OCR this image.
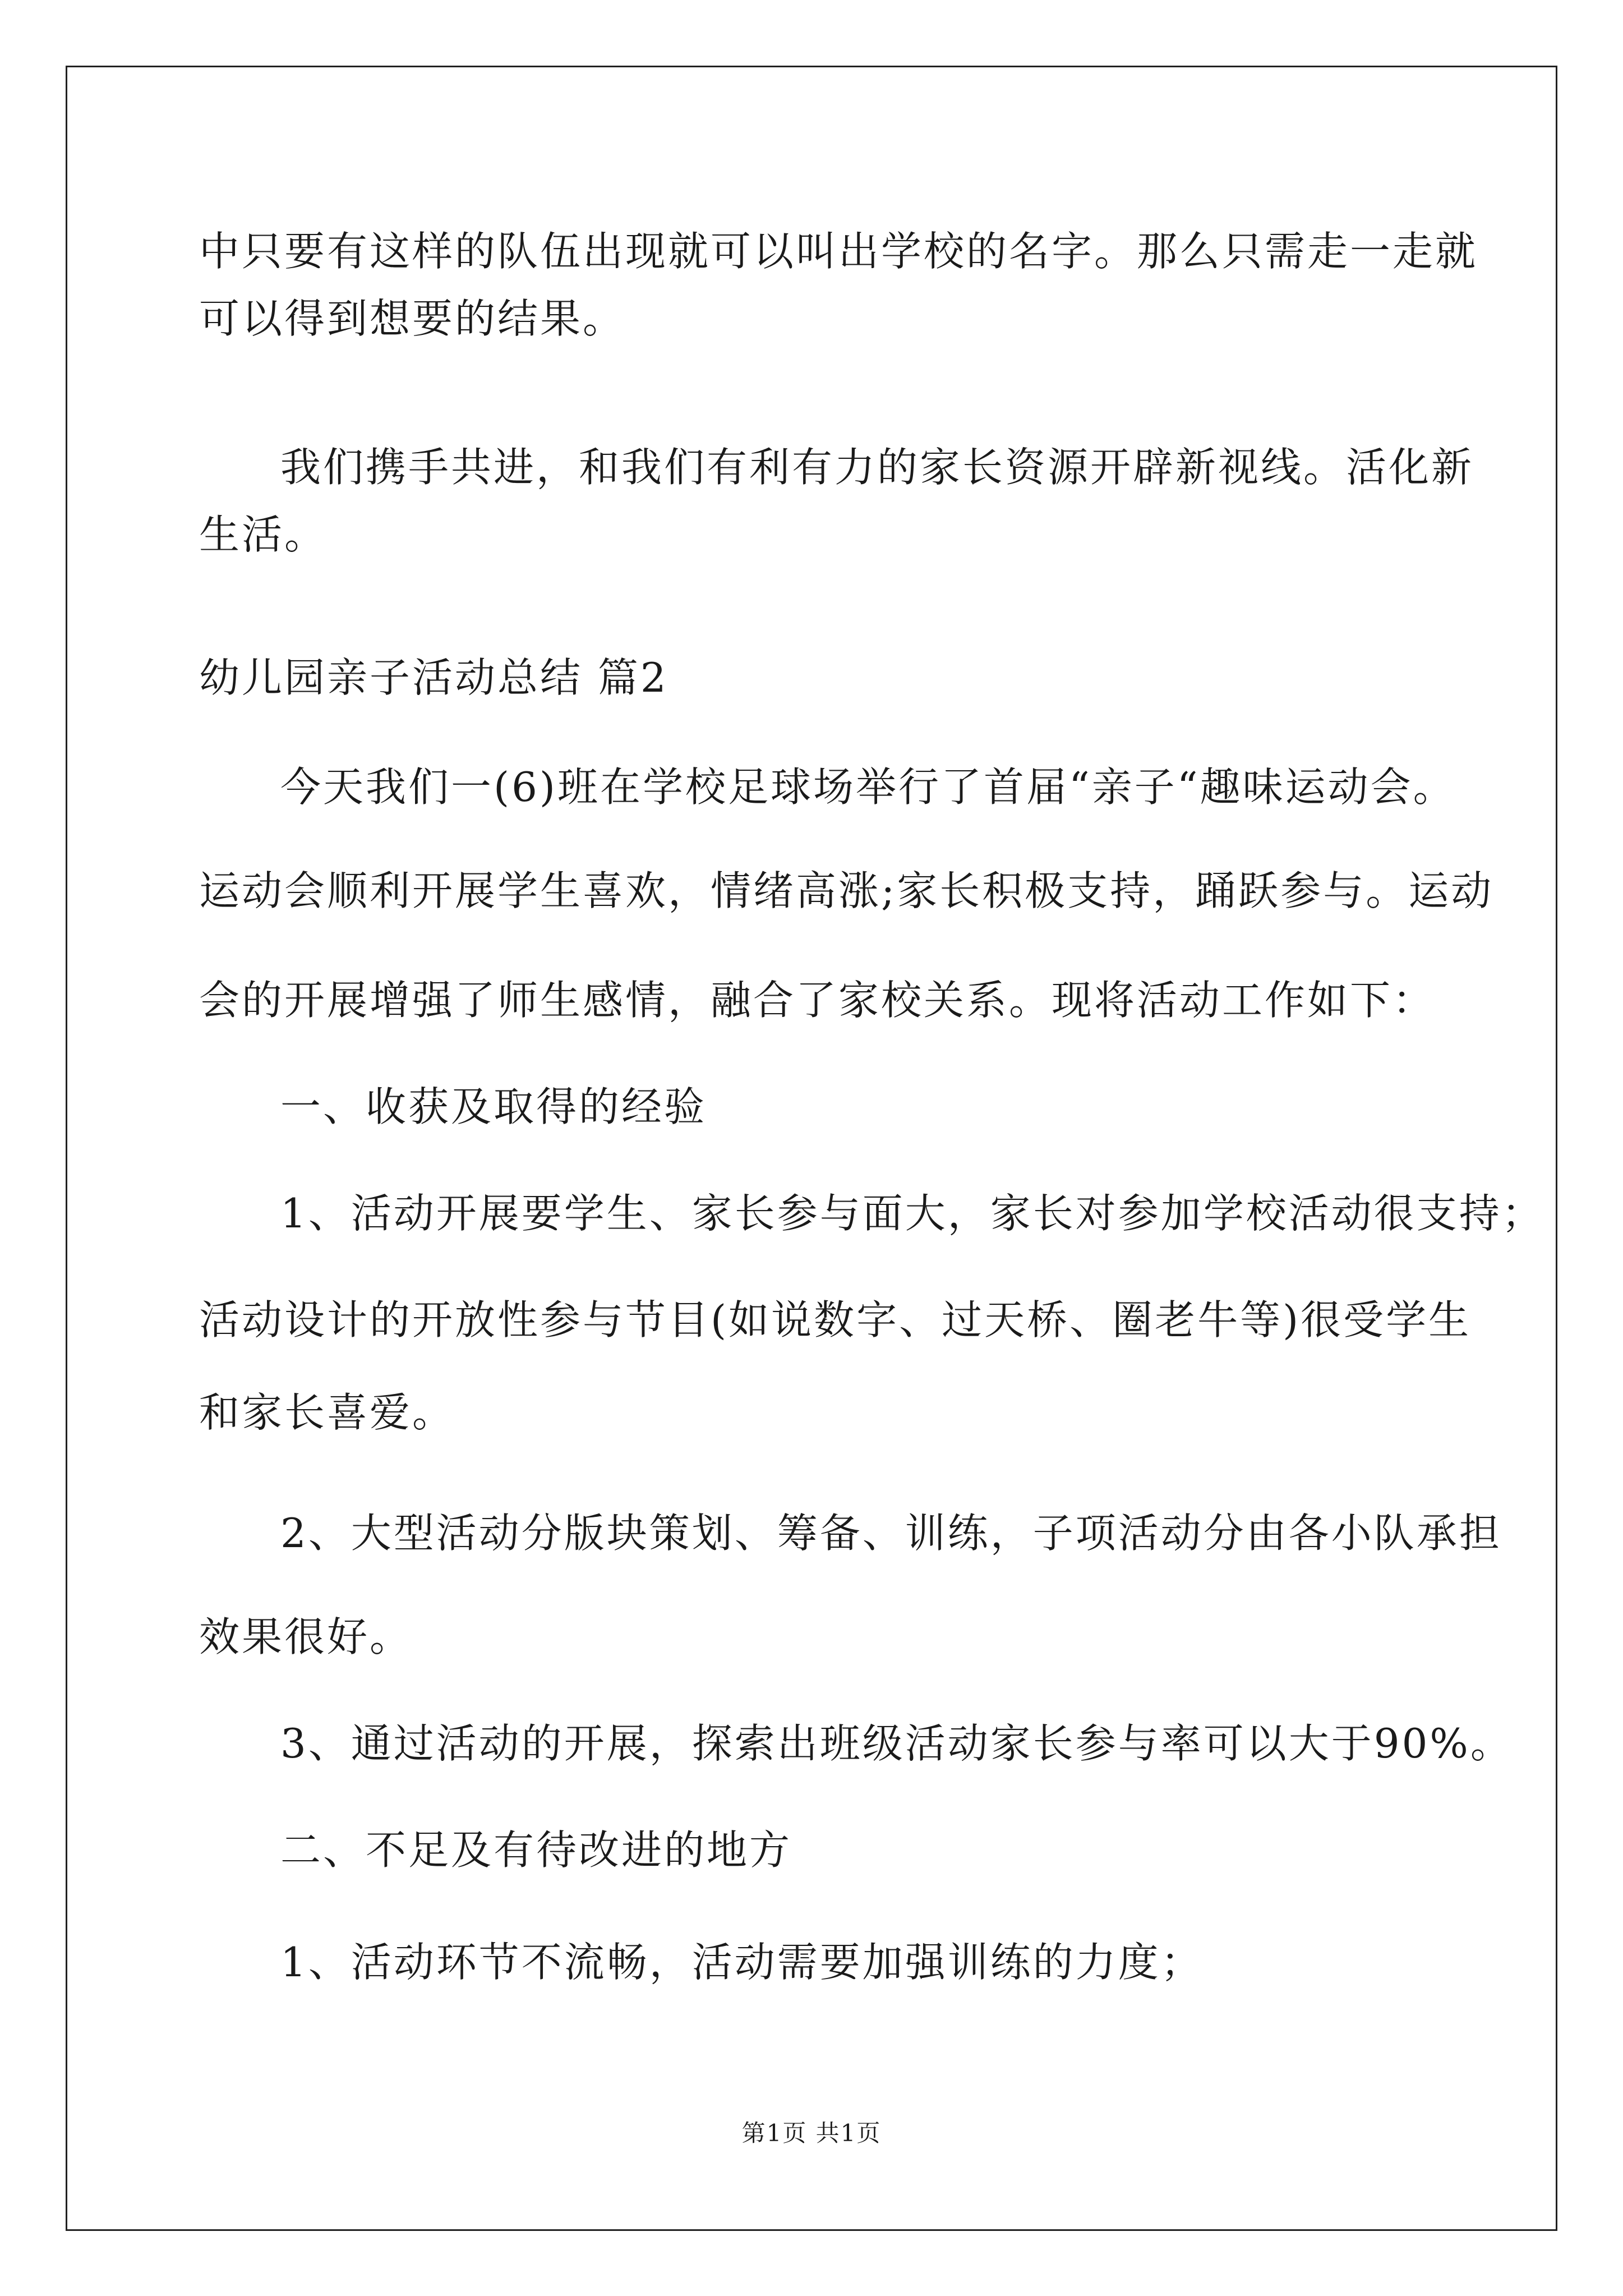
中只要有这样的队伍出现就可以叫出学校的名字。那么只需走一走就
可以得到想要的结果。
我们携手共进，和我们有利有力的家长资源开辟新视线。活化新
生活。
幼儿园亲子活动总结 篇2
今天我们一(6)班在学校足球场举行了首届“亲子“趣味运动会。
运动会顺利开展学生喜欢，情绪高涨;家长积极支持，踊跃参与。运动
会的开展增强了师生感情，融合了家校关系。现将活动工作如下：
一、收获及取得的经验
1、活动开展要学生、家长参与面大，家长对参加学校活动很支持；
活动设计的开放性参与节目(如说数字、过天桥、圈老牛等)很受学生
和家长喜爱。
2、大型活动分版块策划、筹备、训练，子项活动分由各小队承担
效果很好。
3、通过活动的开展，探索出班级活动家长参与率可以大于90%。
二、不足及有待改进的地方
1、活动环节不流畅，活动需要加强训练的力度；
第1页 共1页
